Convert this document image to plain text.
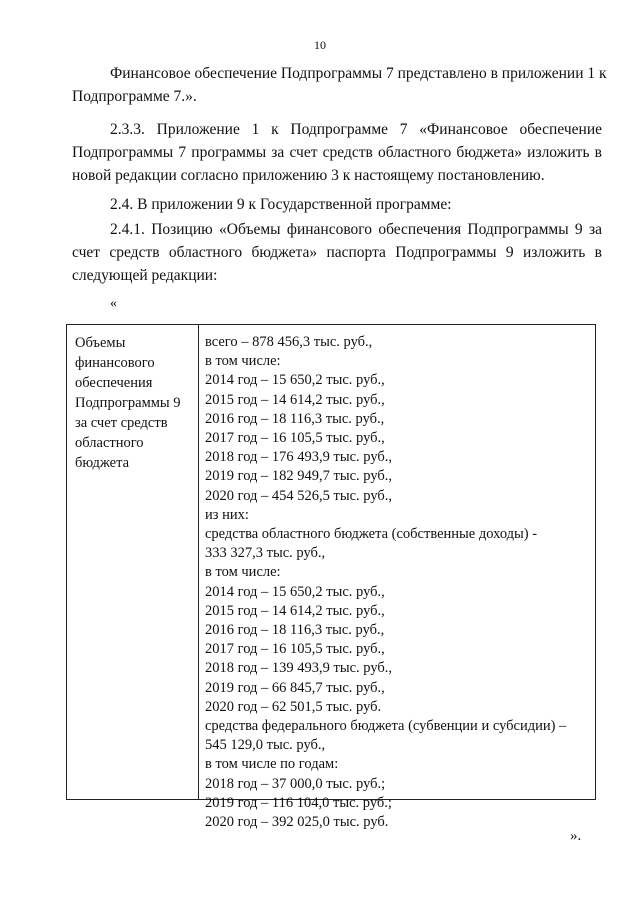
10
Финансовое обеспечение Подпрограммы 7 представлено в приложении 1 к
Подпрограмме 7.».
2.3.3. Приложение 1 к Подпрограмме 7 «Финансовое обеспечение Подпрограммы 7 программы за счет средств областного бюджета» изложить в новой редакции согласно приложению 3 к настоящему постановлению.
2.4. В приложении 9 к Государственной программе:
2.4.1. Позицию «Объемы финансового обеспечения Подпрограммы 9 за счет средств областного бюджета» паспорта Подпрограммы 9 изложить в следующей редакции:
«
Объемы
финансового
обеспечения
Подпрограммы 9
за счет средств
областного
бюджета
всего – 878 456,3 тыс. руб.,
в том числе:
2014 год – 15 650,2 тыс. руб.,
2015 год – 14 614,2 тыс. руб.,
2016 год – 18 116,3 тыс. руб.,
2017 год – 16 105,5 тыс. руб.,
2018 год – 176 493,9 тыс. руб.,
2019 год – 182 949,7 тыс. руб.,
2020 год – 454 526,5 тыс. руб.,
из них:
средства областного бюджета (собственные доходы) -
333 327,3 тыс. руб.,
в том числе:
2014 год – 15 650,2 тыс. руб.,
2015 год – 14 614,2 тыс. руб.,
2016 год – 18 116,3 тыс. руб.,
2017 год – 16 105,5 тыс. руб.,
2018 год – 139 493,9 тыс. руб.,
2019 год – 66 845,7 тыс. руб.,
2020 год – 62 501,5 тыс. руб.
средства федерального бюджета (субвенции и субсидии) –
545 129,0 тыс. руб.,
в том числе по годам:
2018 год – 37 000,0 тыс. руб.;
2019 год – 116 104,0 тыс. руб.;
2020 год – 392 025,0 тыс. руб.
».
